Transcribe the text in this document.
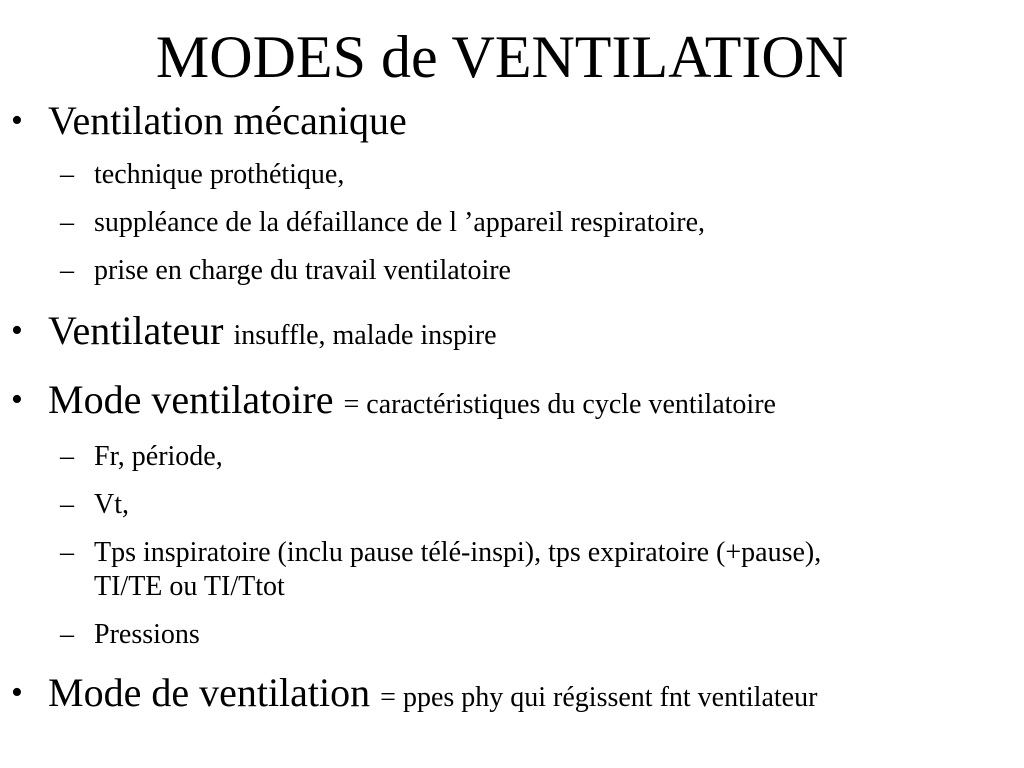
MODES de VENTILATION

• Ventilation mécanique

– technique prothétique,

– suppléance de la défaillance de l ’appareil respiratoire,

– prise en charge du travail ventilatoire

• Ventilateur insuffle, malade inspire

• Mode ventilatoire = caractéristiques du cycle ventilatoire

– Fr, période,

– Vt,

– Tps inspiratoire (inclu pause télé-inspi), tps expiratoire (+pause),

TI/TE ou TI/Ttot

– Pressions

• Mode de ventilation = ppes phy qui régissent fnt ventilateur
